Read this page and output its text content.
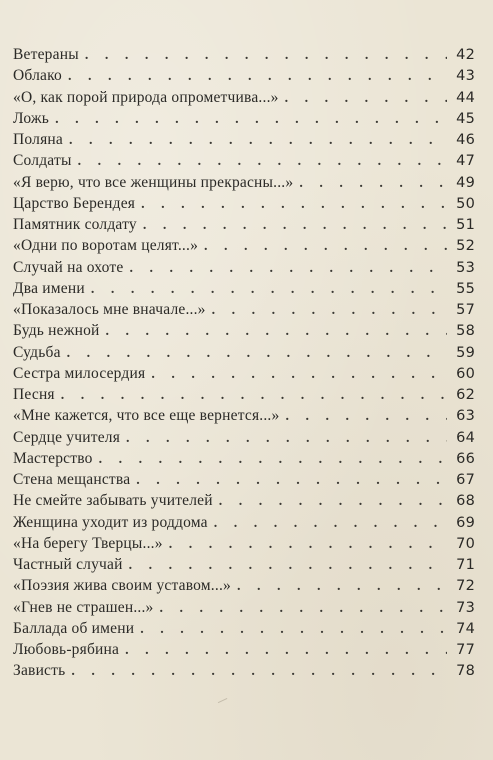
Ветераны . . .	42
Облако . . .	43
«О, как порой природа опрометчива...» . . .	44
Ложь . . .	45
Поляна . . .	46
Солдаты . . .	47
«Я верю, что все женщины прекрасны...» . . .	49
Царство Берендея . . .	50
Памятник солдату . . .	51
«Одни по воротам целят...» . . .	52
Случай на охоте . . .	53
Два имени . . .	55
«Показалось мне вначале...» . . .	57
Будь нежной . . .	58
Судьба . . .	59
Сестра милосердия . . .	60
Песня . . .	62
«Мне кажется, что все еще вернется...» . . .	63
Сердце учителя . . .	64
Мастерство . . .	66
Стена мещанства . . .	67
Не смейте забывать учителей . . .	68
Женщина уходит из роддома . . .	69
«На берегу Тверцы...» . . .	70
Частный случай . . .	71
«Поэзия жива своим уставом...» . . .	72
«Гнев не страшен...» . . .	73
Баллада об имени . . .	74
Любовь-рябина . . .	77
Зависть . . .	78
